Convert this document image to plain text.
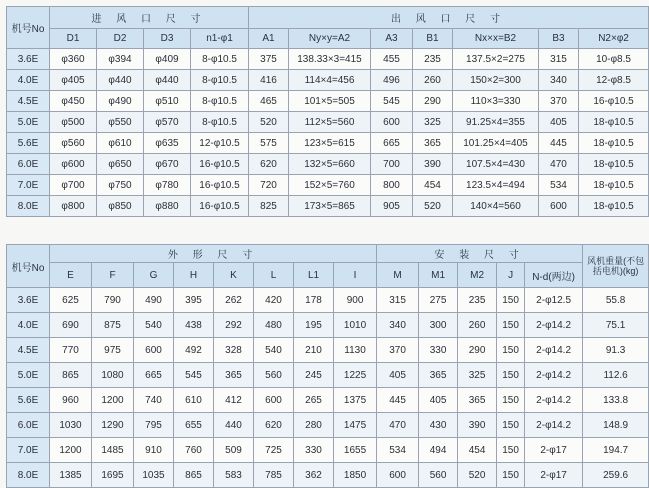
机号No	进 风 口 尺 寸				出 风 口 尺 寸						
	D1	D2	D3	n1-φ1	A1	Ny×y=A2	A3	B1	Nx×x=B2	B3	N2×φ2
3.6E	φ360	φ394	φ409	8-φ10.5	375	138.33×3=415	455	235	137.5×2=275	315	10-φ8.5
4.0E	φ405	φ440	φ440	8-φ10.5	416	114×4=456	496	260	150×2=300	340	12-φ8.5
4.5E	φ450	φ490	φ510	8-φ10.5	465	101×5=505	545	290	110×3=330	370	16-φ10.5
5.0E	φ500	φ550	φ570	8-φ10.5	520	112×5=560	600	325	91.25×4=355	405	18-φ10.5
5.6E	φ560	φ610	φ635	12-φ10.5	575	123×5=615	665	365	101.25×4=405	445	18-φ10.5
6.0E	φ600	φ650	φ670	16-φ10.5	620	132×5=660	700	390	107.5×4=430	470	18-φ10.5
7.0E	φ700	φ750	φ780	16-φ10.5	720	152×5=760	800	454	123.5×4=494	534	18-φ10.5
8.0E	φ800	φ850	φ880	16-φ10.5	825	173×5=865	905	520	140×4=560	600	18-φ10.5
机号No	外 形 尺 寸								安 装 尺 寸					风机重量(不包括电机)(kg)
	E	F	G	H	K	L	L1	I	M	M1	M2	J	N-d(两边)	
3.6E	625	790	490	395	262	420	178	900	315	275	235	150	2-φ12.5	55.8
4.0E	690	875	540	438	292	480	195	1010	340	300	260	150	2-φ14.2	75.1
4.5E	770	975	600	492	328	540	210	1130	370	330	290	150	2-φ14.2	91.3
5.0E	865	1080	665	545	365	560	245	1225	405	365	325	150	2-φ14.2	112.6
5.6E	960	1200	740	610	412	600	265	1375	445	405	365	150	2-φ14.2	133.8
6.0E	1030	1290	795	655	440	620	280	1475	470	430	390	150	2-φ14.2	148.9
7.0E	1200	1485	910	760	509	725	330	1655	534	494	454	150	2-φ17	194.7
8.0E	1385	1695	1035	865	583	785	362	1850	600	560	520	150	2-φ17	259.6
